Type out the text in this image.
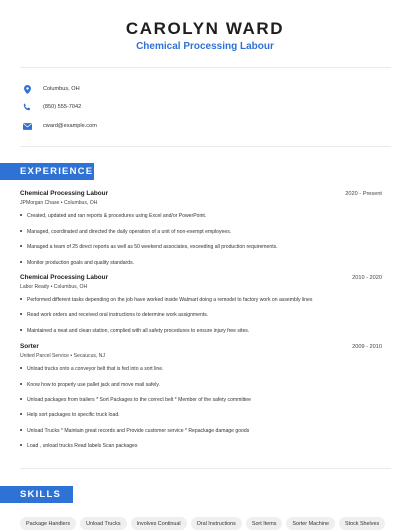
CAROLYN WARD
Chemical Processing Labour
Columbus, OH
(850) 555-7042
cward@example.com
EXPERIENCE
Chemical Processing Labour	2020 - Present
JPMorgan Chase • Columbus, OH
Created, updated and ran reports & procedures using Excel and/or PowerPoint.
Managed, coordinated and directed the daily operation of a unit of non-exempt employees.
Managed a team of 25 direct reports as well as 50 weekend associates, exceeding all production requirements.
Monitor production goals and quality standards.
Chemical Processing Labour	2010 - 2020
Labor Ready • Columbus, OH
Performed different tasks depending on the job have worked inside Walmart doing a remodel to factory work on assembly lines
Read work orders and received oral instructions to determine work assignments.
Maintained a neat and clean station, complied with all safety procedures to ensure injury free sites.
Sorter	2009 - 2010
United Parcel Service • Secaucus, NJ
Unload trucks onto a conveyor belt that is fed into a sort line.
Know how to properly use pallet jack and move mail safely.
Unload packages from trailers * Sort Packages to the correct belt * Member of the safety committee
Help sort packages to specific truck load.
Unload Trucks * Maintain great records and Provide customer service * Repackage damage goods
Load , unload trucks Read labels Scan packages
SKILLS
Package Handlers	Unload Trucks	Involves Continual	Oral Instructions	Sort Items	Sorter Machine	Stock Shelves
